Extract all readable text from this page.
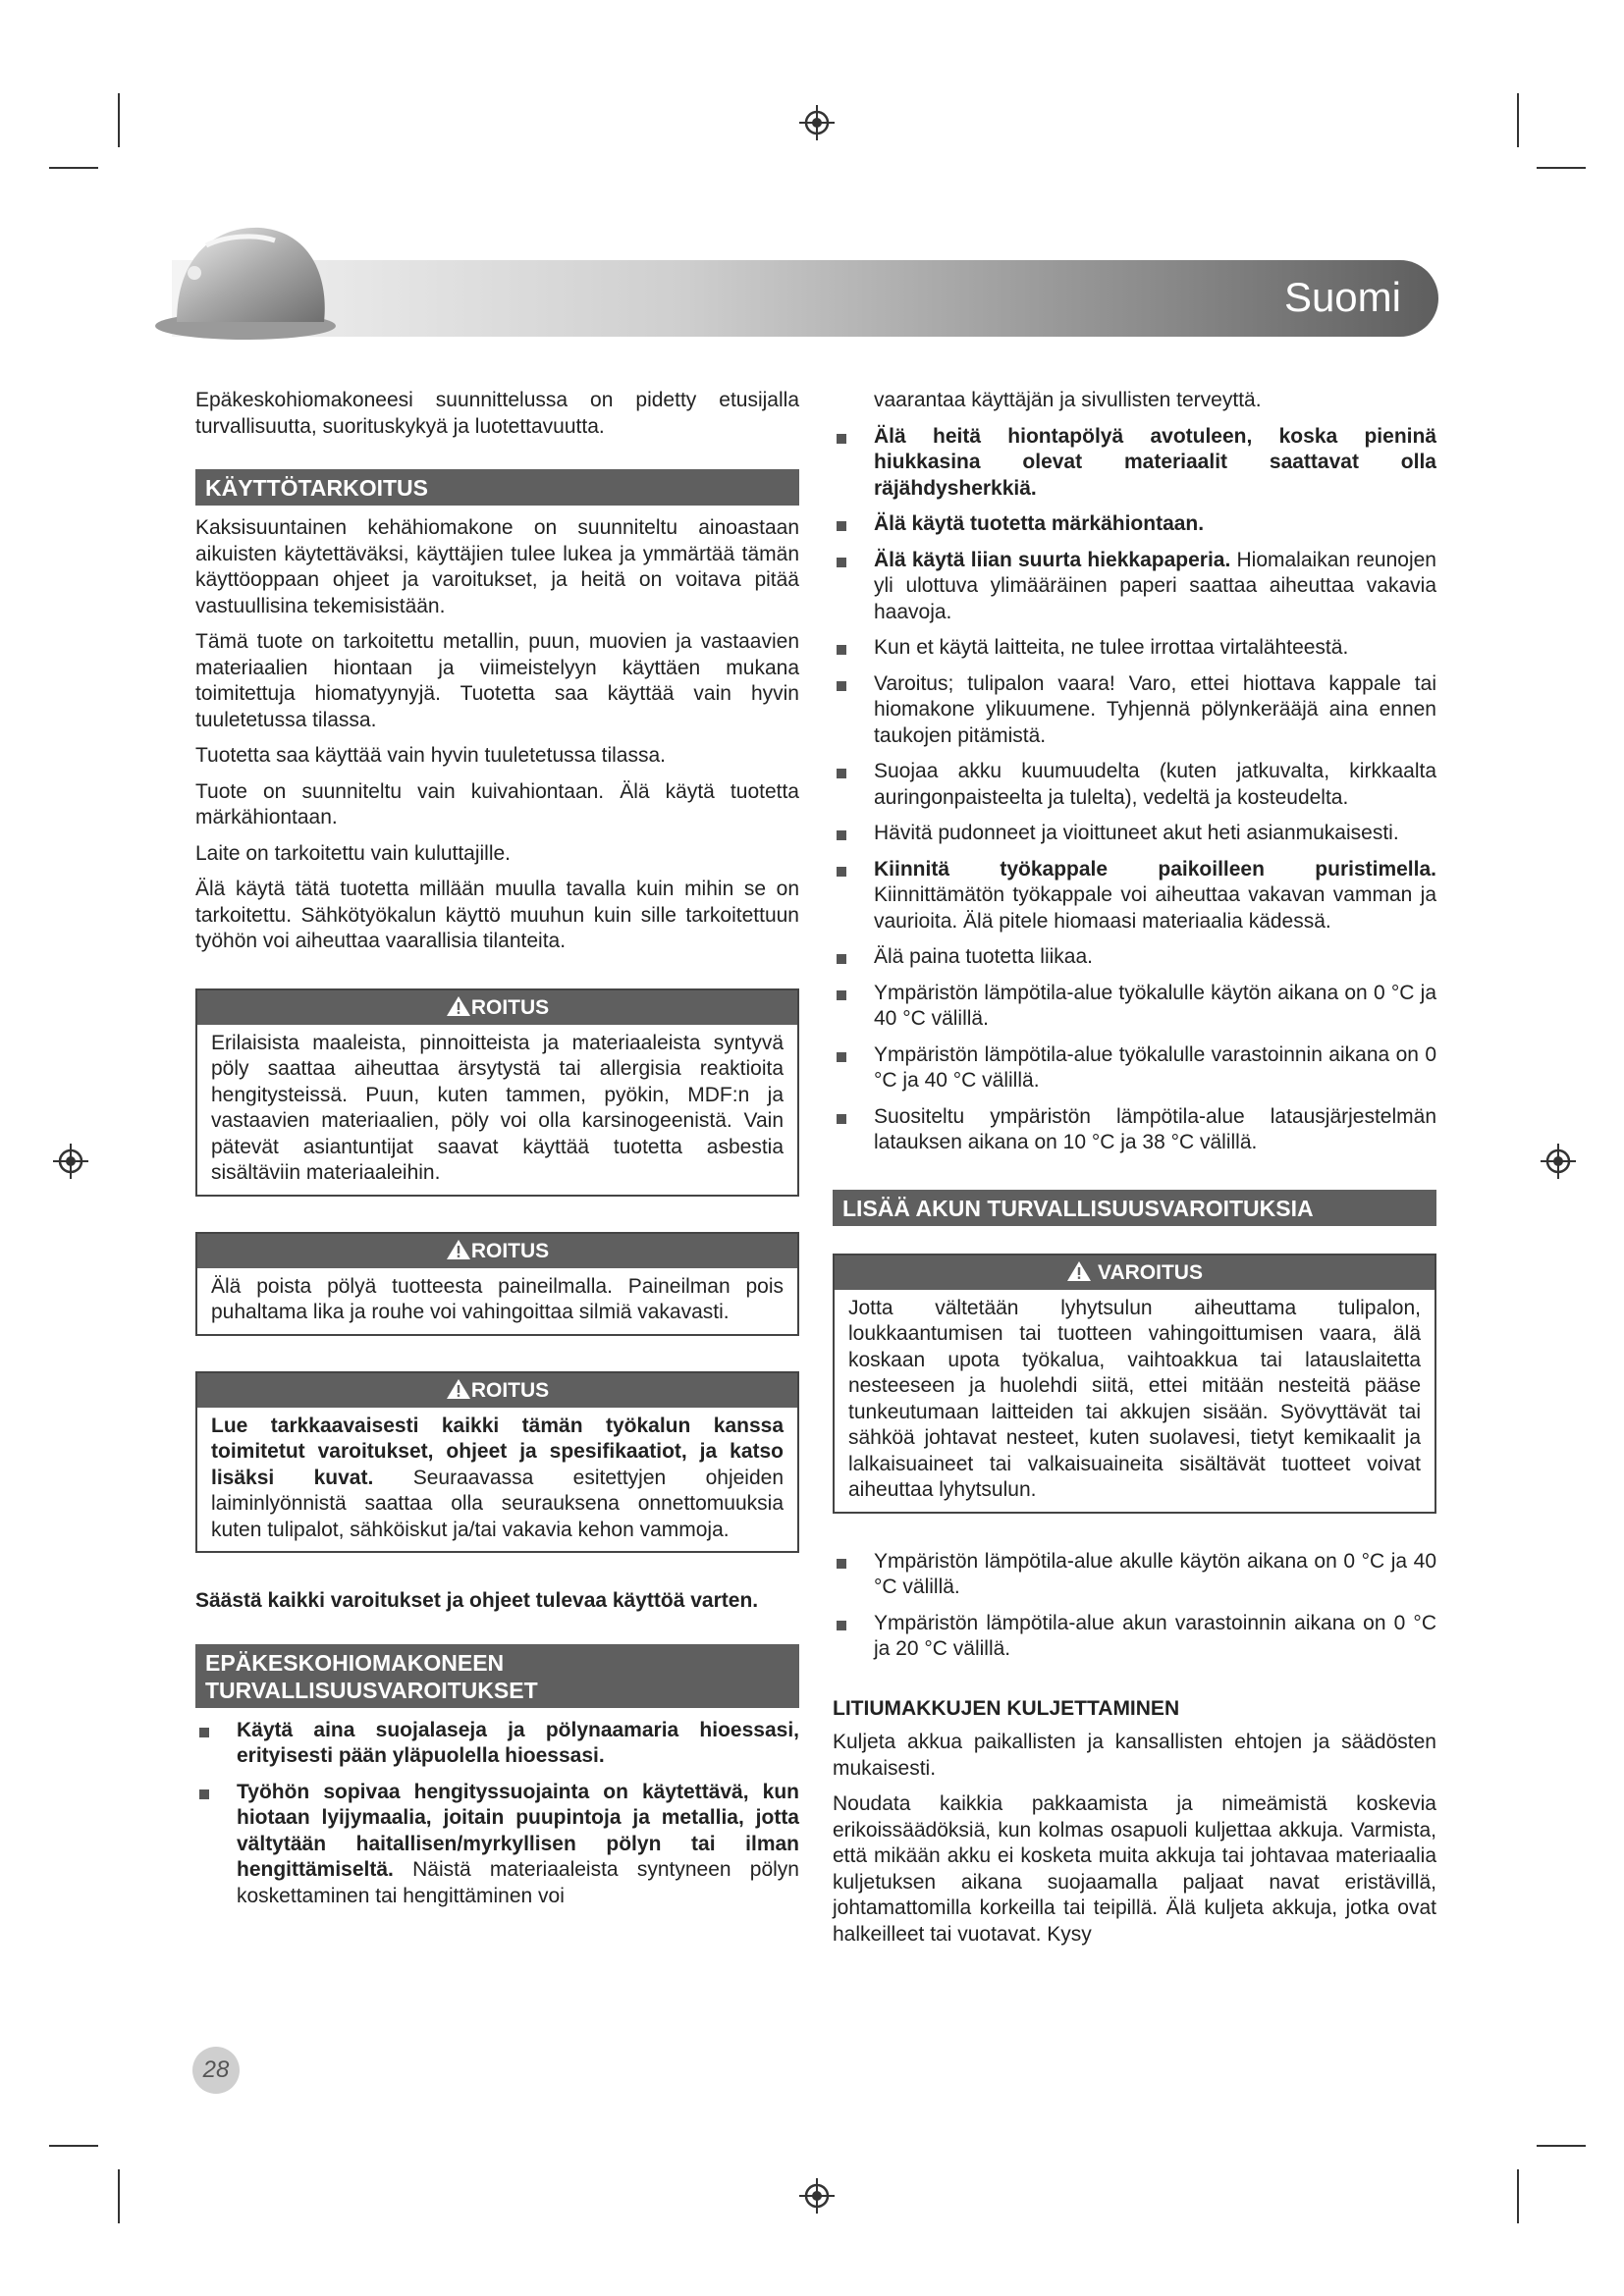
Suomi

Epäkeskohiomakoneesi suunnittelussa on pidetty etusijalla turvallisuutta, suorituskykyä ja luotettavuutta.

KÄYTTÖTARKOITUS

Kaksisuuntainen kehähiomakone on suunniteltu ainoastaan aikuisten käytettäväksi, käyttäjien tulee lukea ja ymmärtää tämän käyttöoppaan ohjeet ja varoitukset, ja heitä on voitava pitää vastuullisina tekemisistään.

Tämä tuote on tarkoitettu metallin, puun, muovien ja vastaavien materiaalien hiontaan ja viimeistelyyn käyttäen mukana toimitettuja hiomatyynyjä. Tuotetta saa käyttää vain hyvin tuuletetussa tilassa.

Tuotetta saa käyttää vain hyvin tuuletetussa tilassa.

Tuote on suunniteltu vain kuivahiontaan. Älä käytä tuotetta märkähiontaan.

Laite on tarkoitettu vain kuluttajille.

Älä käytä tätä tuotetta millään muulla tavalla kuin mihin se on tarkoitettu. Sähkötyökalun käyttö muuhun kuin sille tarkoitettuun työhön voi aiheuttaa vaarallisia tilanteita.

ROITUS

Erilaisista maaleista, pinnoitteista ja materiaaleista syntyvä pöly saattaa aiheuttaa ärsytystä tai allergisia reaktioita hengitysteissä. Puun, kuten tammen, pyökin, MDF:n ja vastaavien materiaalien, pöly voi olla karsinogeenistä. Vain pätevät asiantuntijat saavat käyttää tuotetta asbestia sisältäviin materiaaleihin.

ROITUS

Älä poista pölyä tuotteesta paineilmalla. Paineilman pois puhaltama lika ja rouhe voi vahingoittaa silmiä vakavasti.

ROITUS

Lue tarkkaavaisesti kaikki tämän työkalun kanssa toimitetut varoitukset, ohjeet ja spesifikaatiot, ja katso lisäksi kuvat. Seuraavassa esitettyjen ohjeiden laiminlyönnistä saattaa olla seurauksena onnettomuuksia kuten tulipalot, sähköiskut ja/tai vakavia kehon vammoja.

Säästä kaikki varoitukset ja ohjeet tulevaa käyttöä varten.

EPÄKESKOHIOMAKONEEN TURVALLISUUSVAROITUKSET
Käytä aina suojalaseja ja pölynaamaria hioessasi, erityisesti pään yläpuolella hioessasi.
Työhön sopivaa hengityssuojainta on käytettävä, kun hiotaan lyijymaalia, joitain puupintoja ja metallia, jotta vältytään haitallisen/myrkyllisen pölyn tai ilman hengittämiseltä. Näistä materiaaleista syntyneen pölyn koskettaminen tai hengittäminen voi

vaarantaa käyttäjän ja sivullisten terveyttä.

Älä heitä hiontapölyä avotuleen, koska pieninä hiukkasina olevat materiaalit saattavat olla räjähdysherkkiä.
Älä käytä tuotetta märkähiontaan.
Älä käytä liian suurta hiekkapaperia. Hiomalaikan reunojen yli ulottuva ylimääräinen paperi saattaa aiheuttaa vakavia haavoja.
Kun et käytä laitteita, ne tulee irrottaa virtalähteestä.
Varoitus; tulipalon vaara! Varo, ettei hiottava kappale tai hiomakone ylikuumene. Tyhjennä pölynkerääjä aina ennen taukojen pitämistä.
Suojaa akku kuumuudelta (kuten jatkuvalta, kirkkaalta auringonpaisteelta ja tulelta), vedeltä ja kosteudelta.
Hävitä pudonneet ja vioittuneet akut heti asianmukaisesti.
Kiinnitä työkappale paikoilleen puristimella. Kiinnittämätön työkappale voi aiheuttaa vakavan vamman ja vaurioita. Älä pitele hiomaasi materiaalia kädessä.
Älä paina tuotetta liikaa.
Ympäristön lämpötila-alue työkalulle käytön aikana on 0 °C ja 40 °C välillä.
Ympäristön lämpötila-alue työkalulle varastoinnin aikana on 0 °C ja 40 °C välillä.
Suositeltu ympäristön lämpötila-alue latausjärjestelmän latauksen aikana on 10 °C ja 38 °C välillä.
LISÄÄ AKUN TURVALLISUUSVAROITUKSIA
VAROITUS

Jotta vältetään lyhytsulun aiheuttama tulipalon, loukkaantumisen tai tuotteen vahingoittumisen vaara, älä koskaan upota työkalua, vaihtoakkua tai latauslaitetta nesteeseen ja huolehdi siitä, ettei mitään nesteitä pääse tunkeutumaan laitteiden tai akkujen sisään. Syövyttävät tai sähköä johtavat nesteet, kuten suolavesi, tietyt kemikaalit ja lalkaisuaineet tai valkaisuaineita sisältävät tuotteet voivat aiheuttaa lyhytsulun.

Ympäristön lämpötila-alue akulle käytön aikana on 0 °C ja 40 °C välillä.
Ympäristön lämpötila-alue akun varastoinnin aikana on 0 °C ja 20 °C välillä.
LITIUMAKKUJEN KULJETTAMINEN

Kuljeta akkua paikallisten ja kansallisten ehtojen ja säädösten mukaisesti.

Noudata kaikkia pakkaamista ja nimeämistä koskevia erikoissäädöksiä, kun kolmas osapuoli kuljettaa akkuja. Varmista, että mikään akku ei kosketa muita akkuja tai johtavaa materiaalia kuljetuksen aikana suojaamalla paljaat navat eristävillä, johtamattomilla korkeilla tai teipillä. Älä kuljeta akkuja, jotka ovat halkeilleet tai vuotavat. Kysy

28
